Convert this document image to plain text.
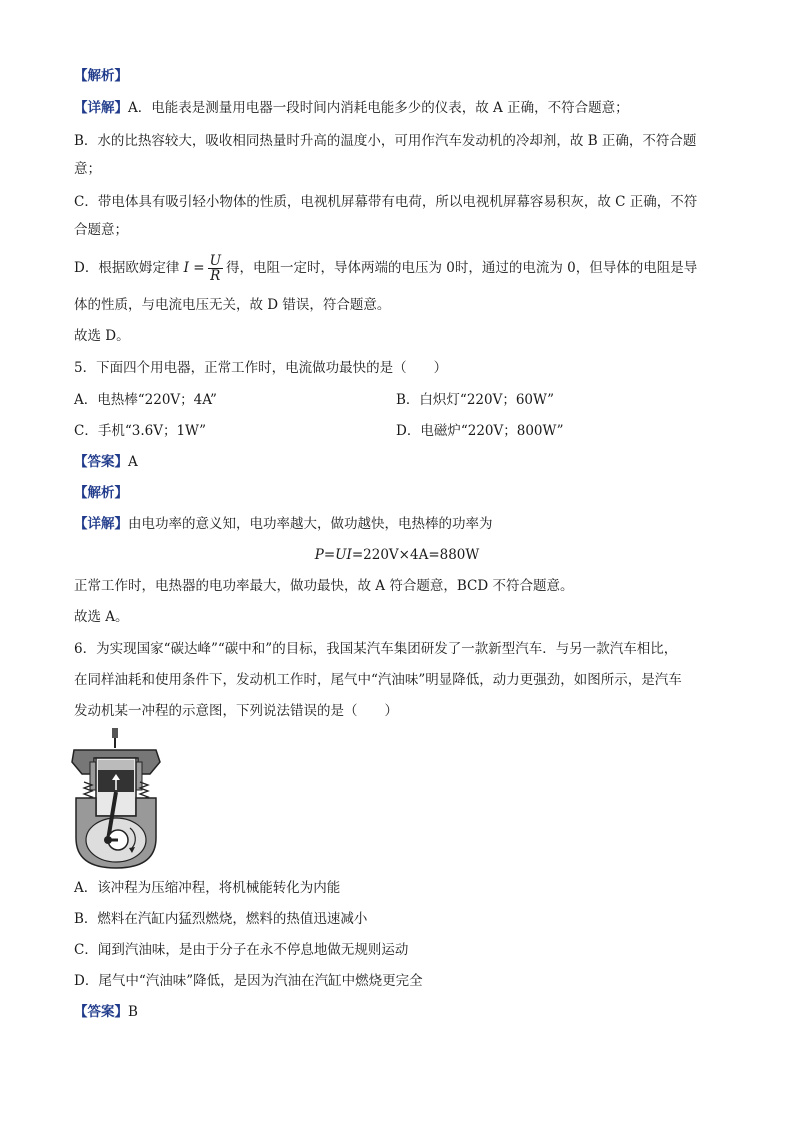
【解析】
【详解】A．电能表是测量用电器一段时间内消耗电能多少的仪表，故 A 正确，不符合题意；
B．水的比热容较大，吸收相同热量时升高的温度小，可用作汽车发动机的冷却剂，故 B 正确，不符合题
意；
C．带电体具有吸引轻小物体的性质，电视机屏幕带有电荷，所以电视机屏幕容易积灰，故 C 正确，不符
合题意；
D．根据欧姆定律 $I = \frac{U}{R}$ 得，电阻一定时，导体两端的电压为 0时，通过的电流为 0，但导体的电阻是导
体的性质，与电流电压无关，故 D 错误，符合题意。
故选 D。
5．下面四个用电器，正常工作时，电流做功最快的是（　　）
A．电热棒“220V；4A”	B．白炽灯“220V；60W”
C．手机“3.6V；1W”	D．电磁炉“220V；800W”
【答案】A
【解析】
【详解】由电功率的意义知，电功率越大，做功越快，电热棒的功率为
P=UI=220V×4A=880W
正常工作时，电热器的电功率最大，做功最快，故 A 符合题意，BCD 不符合题意。
故选 A。
6．为实现国家“碳达峰”“碳中和”的目标，我国某汽车集团研发了一款新型汽车．与另一款汽车相比，
在同样油耗和使用条件下，发动机工作时，尾气中“汽油味”明显降低，动力更强劲，如图所示，是汽车
发动机某一冲程的示意图，下列说法错误的是（　　）
A．该冲程为压缩冲程，将机械能转化为内能
B．燃料在汽缸内猛烈燃烧，燃料的热值迅速减小
C．闻到汽油味，是由于分子在永不停息地做无规则运动
D．尾气中“汽油味”降低，是因为汽油在汽缸中燃烧更完全
【答案】B
